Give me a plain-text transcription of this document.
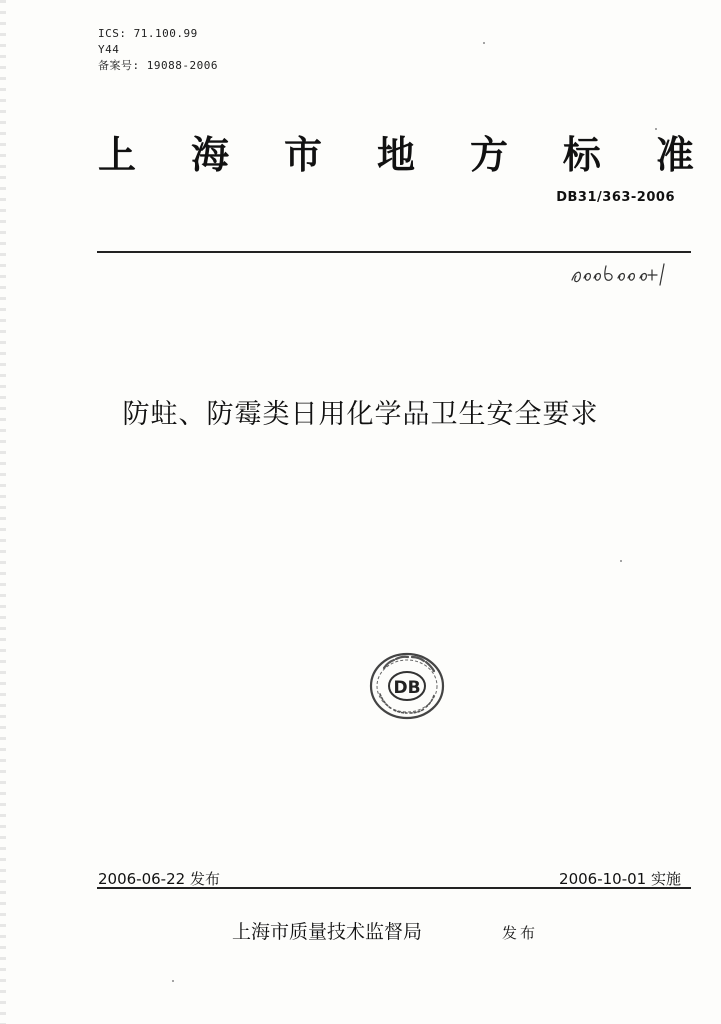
ICS: 71.100.99
Y44
备案号: 19088-2006
上 海 市 地 方 标 准
DB31/363-2006
防蛀、防霉类日用化学品卫生安全要求
DB
2006-06-22 发布	2006-10-01 实施
上海市质量技术监督局	发布
